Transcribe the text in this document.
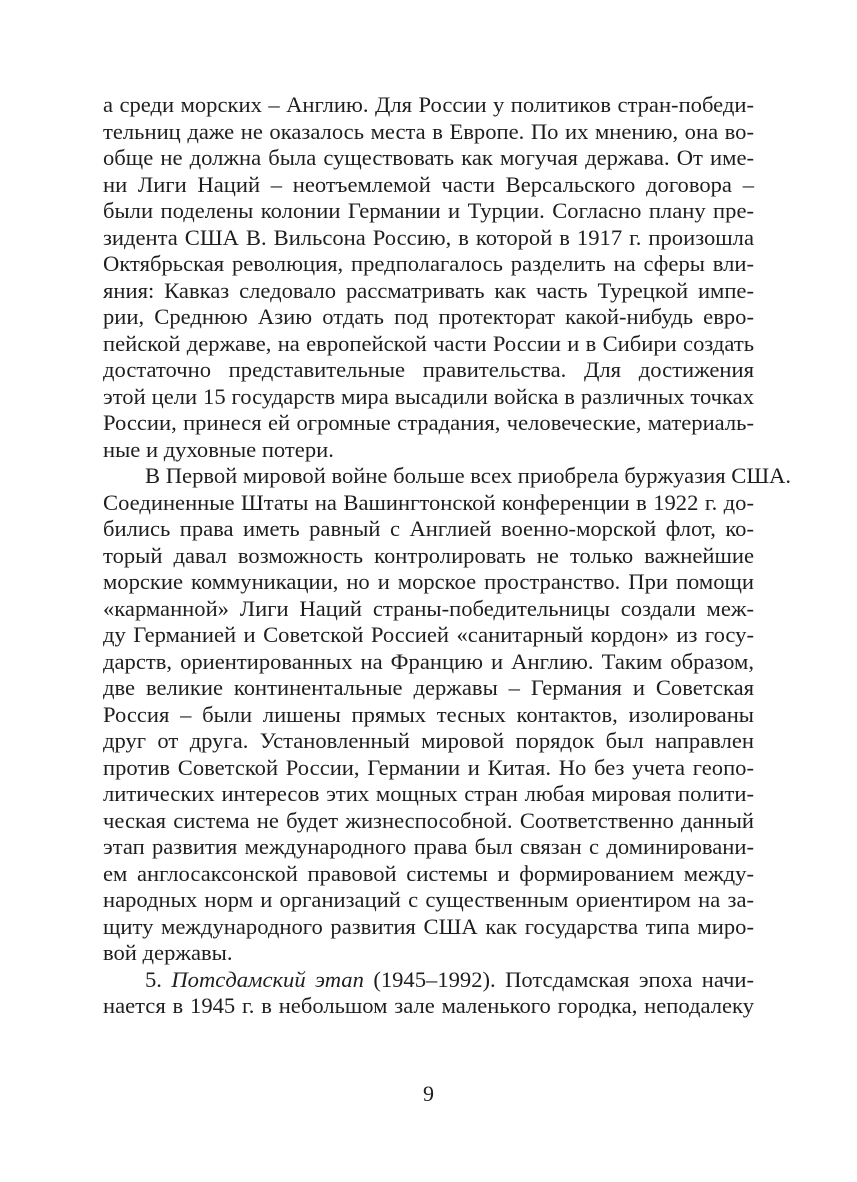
а среди морских – Англию. Для России у политиков стран-победи-
тельниц даже не оказалось места в Европе. По их мнению, она во-
обще не должна была существовать как могучая держава. От име-
ни Лиги Наций – неотъемлемой части Версальского договора –
были поделены колонии Германии и Турции. Согласно плану пре-
зидента США В. Вильсона Россию, в которой в 1917 г. произошла
Октябрьская революция, предполагалось разделить на сферы вли-
яния: Кавказ следовало рассматривать как часть Турецкой импе-
рии, Среднюю Азию отдать под протекторат какой-нибудь евро-
пейской державе, на европейской части России и в Сибири создать
достаточно представительные правительства. Для достижения
этой цели 15 государств мира высадили войска в различных точках
России, принеся ей огромные страдания, человеческие, материаль-
ные и духовные потери.
В Первой мировой войне больше всех приобрела буржуазия США.
Соединенные Штаты на Вашингтонской конференции в 1922 г. до-
бились права иметь равный с Англией военно-морской флот, ко-
торый давал возможность контролировать не только важнейшие
морские коммуникации, но и морское пространство. При помощи
«карманной» Лиги Наций страны-победительницы создали меж-
ду Германией и Советской Россией «санитарный кордон» из госу-
дарств, ориентированных на Францию и Англию. Таким образом,
две великие континентальные державы – Германия и Советская
Россия – были лишены прямых тесных контактов, изолированы
друг от друга. Установленный мировой порядок был направлен
против Советской России, Германии и Китая. Но без учета геопо-
литических интересов этих мощных стран любая мировая полити-
ческая система не будет жизнеспособной. Соответственно данный
этап развития международного права был связан с доминировани-
ем англосаксонской правовой системы и формированием между-
народных норм и организаций с существенным ориентиром на за-
щиту международного развития США как государства типа миро-
вой державы.
5. Потсдамский этап (1945–1992). Потсдамская эпоха начи-
нается в 1945 г. в небольшом зале маленького городка, неподалеку
9
